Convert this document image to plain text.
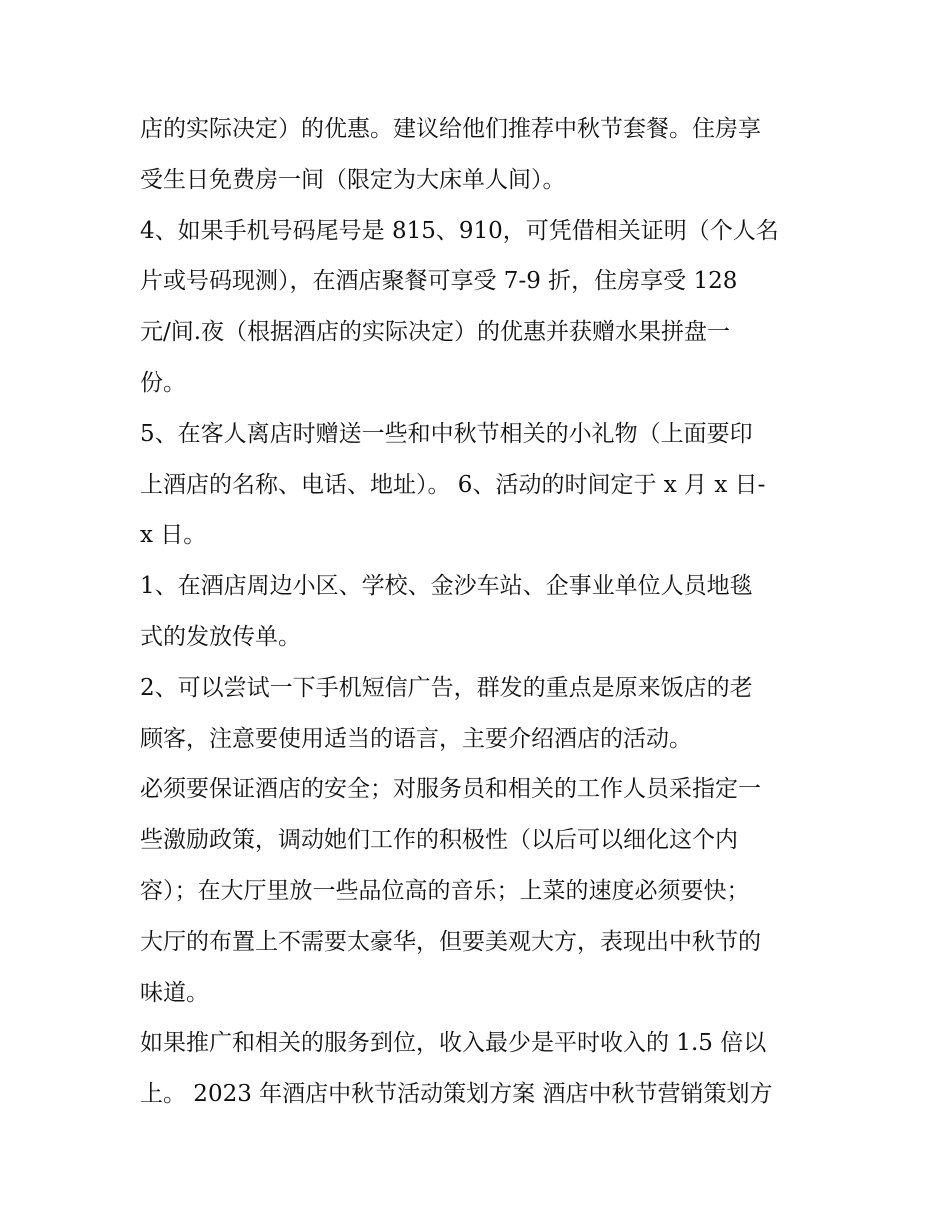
店的实际决定）的优惠。建议给他们推荐中秋节套餐。住房享
受生日免费房一间（限定为大床单人间）。
4、如果手机号码尾号是 815、910，可凭借相关证明（个人名
片或号码现测），在酒店聚餐可享受 7-9 折，住房享受 128
元/间.夜（根据酒店的实际决定）的优惠并获赠水果拼盘一
份。
5、在客人离店时赠送一些和中秋节相关的小礼物（上面要印
上酒店的名称、电话、地址）。 6、活动的时间定于 x 月 x 日-
x 日。
1、在酒店周边小区、学校、金沙车站、企事业单位人员地毯
式的发放传单。
2、可以尝试一下手机短信广告，群发的重点是原来饭店的老
顾客，注意要使用适当的语言，主要介绍酒店的活动。
必须要保证酒店的安全；对服务员和相关的工作人员采指定一
些激励政策，调动她们工作的积极性（以后可以细化这个内
容）；在大厅里放一些品位高的音乐；上菜的速度必须要快；
大厅的布置上不需要太豪华，但要美观大方，表现出中秋节的
味道。
如果推广和相关的服务到位，收入最少是平时收入的 1.5 倍以
上。 2023 年酒店中秋节活动策划方案 酒店中秋节营销策划方
